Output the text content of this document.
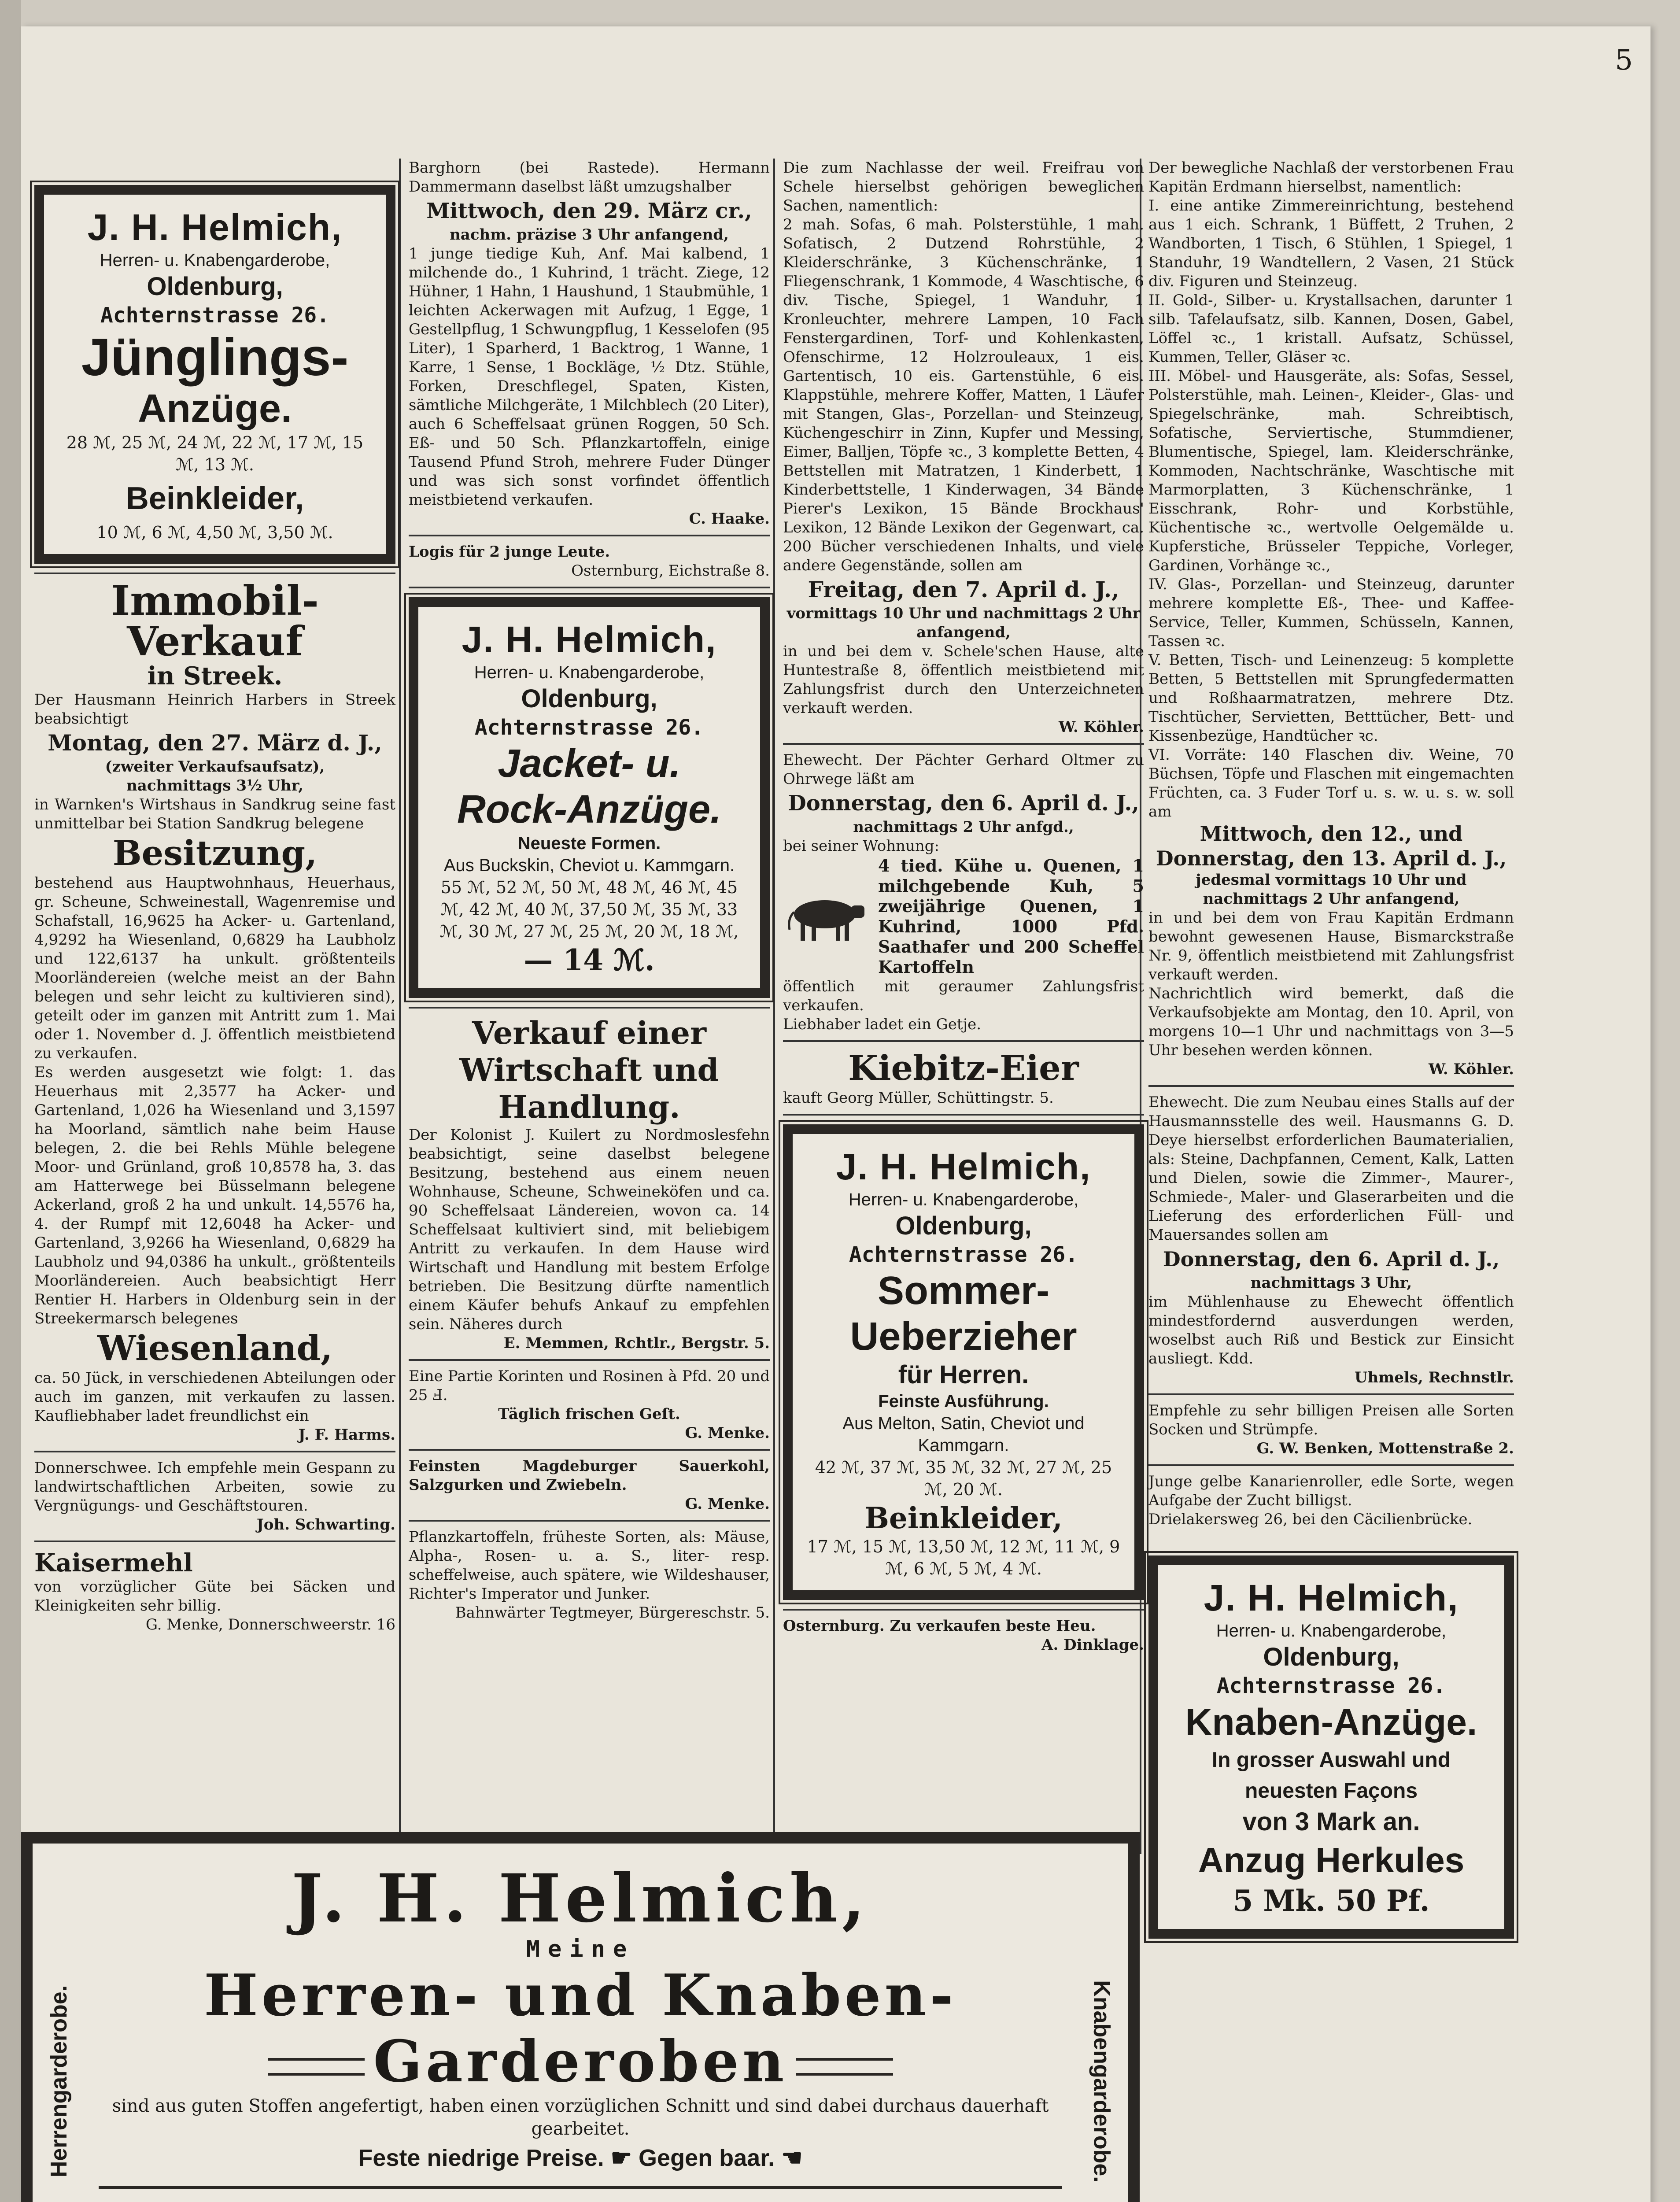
5
J. H. Helmich,
Herren- u. Knabengarderobe,
Oldenburg,
Achternstrasse 26.
Jünglings-
Anzüge.
28 ℳ, 25 ℳ, 24 ℳ, 22 ℳ, 17 ℳ, 15 ℳ, 13 ℳ.
Beinkleider,
10 ℳ, 6 ℳ, 4,50 ℳ, 3,50 ℳ.
Immobil-Verkauf
in Streek.

Der Hausmann Heinrich Harbers in Streek beabsichtigt

Montag, den 27. März d. J.,
(zweiter Verkaufsaufsatz),
nachmittags 3½ Uhr,

in Warnken's Wirtshaus in Sandkrug seine fast unmittelbar bei Station Sandkrug belegene

Besitzung,

bestehend aus Hauptwohnhaus, Heuerhaus, gr. Scheune, Schweinestall, Wagenremise und Schafstall, 16,9625 ha Acker- u. Gartenland, 4,9292 ha Wiesenland, 0,6829 ha Laubholz und 122,6137 ha unkult. größtenteils Moorländereien (welche meist an der Bahn belegen und sehr leicht zu kultivieren sind), geteilt oder im ganzen mit Antritt zum 1. Mai oder 1. November d. J. öffentlich meistbietend zu verkaufen.

Es werden ausgesetzt wie folgt: 1. das Heuerhaus mit 2,3577 ha Acker- und Gartenland, 1,026 ha Wiesenland und 3,1597 ha Moorland, sämtlich nahe beim Hause belegen, 2. die bei Rehls Mühle belegene Moor- und Grünland, groß 10,8578 ha, 3. das am Hatterwege bei Büsselmann belegene Ackerland, groß 2 ha und unkult. 14,5576 ha, 4. der Rumpf mit 12,6048 ha Acker- und Gartenland, 3,9266 ha Wiesenland, 0,6829 ha Laubholz und 94,0386 ha unkult., größtenteils Moorländereien. Auch beabsichtigt Herr Rentier H. Harbers in Oldenburg sein in der Streekermarsch belegenes

Wiesenland,

ca. 50 Jück, in verschiedenen Abteilungen oder auch im ganzen, mit verkaufen zu lassen. Kaufliebhaber ladet freundlichst ein

J. F. Harms.

Donnerschwee. Ich empfehle mein Gespann zu landwirtschaftlichen Arbeiten, sowie zu Vergnügungs- und Geschäftstouren.

Joh. Schwarting.

Kaisermehl

von vorzüglicher Güte bei Säcken und Kleinigkeiten sehr billig.

G. Menke, Donnerschweerstr. 16

Barghorn (bei Rastede). Hermann Dammermann daselbst läßt umzugshalber

Mittwoch, den 29. März cr.,
nachm. präzise 3 Uhr anfangend,

1 junge tiedige Kuh, Anf. Mai kalbend, 1 milchende do., 1 Kuhrind, 1 trächt. Ziege, 12 Hühner, 1 Hahn, 1 Haushund, 1 Staubmühle, 1 leichten Ackerwagen mit Aufzug, 1 Egge, 1 Gestellpflug, 1 Schwungpflug, 1 Kesselofen (95 Liter), 1 Sparherd, 1 Backtrog, 1 Wanne, 1 Karre, 1 Sense, 1 Bockläge, ½ Dtz. Stühle, Forken, Dreschflegel, Spaten, Kisten, sämtliche Milchgeräte, 1 Milchblech (20 Liter), auch 6 Scheffelsaat grünen Roggen, 50 Sch. Eß- und 50 Sch. Pflanzkartoffeln, einige Tausend Pfund Stroh, mehrere Fuder Dünger und was sich sonst vorfindet öffentlich meistbietend verkaufen.

C. Haake.

Logis für 2 junge Leute.

Osternburg, Eichstraße 8.

J. H. Helmich,
Herren- u. Knabengarderobe,
Oldenburg,
Achternstrasse 26.
Jacket- u.
Rock-Anzüge.
Neueste Formen.
Aus Buckskin, Cheviot u. Kammgarn.
55 ℳ, 52 ℳ, 50 ℳ, 48 ℳ, 46 ℳ, 45 ℳ, 42 ℳ, 40 ℳ, 37,50 ℳ, 35 ℳ, 33 ℳ, 30 ℳ, 27 ℳ, 25 ℳ, 20 ℳ, 18 ℳ,
— 14 ℳ.
Verkauf einer Wirtschaft und Handlung.

Der Kolonist J. Kuilert zu Nordmoslesfehn beabsichtigt, seine daselbst belegene Besitzung, bestehend aus einem neuen Wohnhause, Scheune, Schweineköfen und ca. 90 Scheffelsaat Ländereien, wovon ca. 14 Scheffelsaat kultiviert sind, mit beliebigem Antritt zu verkaufen. In dem Hause wird Wirtschaft und Handlung mit bestem Erfolge betrieben. Die Besitzung dürfte namentlich einem Käufer behufs Ankauf zu empfehlen sein. Näheres durch

E. Memmen, Rchtlr., Bergstr. 5.

Eine Partie Korinten und Rosinen à Pfd. 20 und 25 Ⅎ.

Täglich frischen Geſt.

G. Menke.

Feinsten Magdeburger Sauerkohl, Salzgurken und Zwiebeln.

G. Menke.

Pflanzkartoffeln, früheste Sorten, als: Mäuse, Alpha-, Rosen- u. a. S., liter- resp. scheffelweise, auch spätere, wie Wildeshauser, Richter's Imperator und Junker.

Bahnwärter Tegtmeyer, Bürgereschstr. 5.

Die zum Nachlasse der weil. Freifrau von Schele hierselbst gehörigen beweglichen Sachen, namentlich:

2 mah. Sofas, 6 mah. Polsterstühle, 1 mah. Sofatisch, 2 Dutzend Rohrstühle, 2 Kleiderschränke, 3 Küchenschränke, 1 Fliegenschrank, 1 Kommode, 4 Waschtische, 6 div. Tische, Spiegel, 1 Wanduhr, 1 Kronleuchter, mehrere Lampen, 10 Fach Fenstergardinen, Torf- und Kohlenkasten, Ofenschirme, 12 Holzrouleaux, 1 eis. Gartentisch, 10 eis. Gartenstühle, 6 eis. Klappstühle, mehrere Koffer, Matten, 1 Läufer mit Stangen, Glas-, Porzellan- und Steinzeug, Küchengeschirr in Zinn, Kupfer und Messing, Eimer, Balljen, Töpfe ꝛc., 3 komplette Betten, 4 Bettstellen mit Matratzen, 1 Kinderbett, 1 Kinderbettstelle, 1 Kinderwagen, 34 Bände Pierer's Lexikon, 15 Bände Brockhaus' Lexikon, 12 Bände Lexikon der Gegenwart, ca. 200 Bücher verschiedenen Inhalts, und viele andere Gegenstände, sollen am

Freitag, den 7. April d. J.,
vormittags 10 Uhr und nachmittags 2 Uhr anfangend,

in und bei dem v. Schele'schen Hause, alte Huntestraße 8, öffentlich meistbietend mit Zahlungsfrist durch den Unterzeichneten verkauft werden.

W. Köhler.

Ehewecht. Der Pächter Gerhard Oltmer zu Ohrwege läßt am

Donnerstag, den 6. April d. J.,
nachmittags 2 Uhr anfgd.,

bei seiner Wohnung:

4 tied. Kühe u. Quenen, 1 milchgebende Kuh, 5 zweijährige Quenen, 1 Kuhrind, 1000 Pfd. Saathafer und 200 Scheffel Kartoffeln

öffentlich mit geraumer Zahlungsfrist verkaufen.

Liebhaber ladet ein Getje.

Kiebitz-Eier

kauft Georg Müller, Schüttingstr. 5.

J. H. Helmich,
Herren- u. Knabengarderobe,
Oldenburg,
Achternstrasse 26.
Sommer-
Ueberzieher
für Herren.
Feinste Ausführung.
Aus Melton, Satin, Cheviot und Kammgarn.
42 ℳ, 37 ℳ, 35 ℳ, 32 ℳ, 27 ℳ, 25 ℳ, 20 ℳ.
Beinkleider,
17 ℳ, 15 ℳ, 13,50 ℳ, 12 ℳ, 11 ℳ, 9 ℳ, 6 ℳ, 5 ℳ, 4 ℳ.

Osternburg. Zu verkaufen beste Heu.

A. Dinklage.

Der bewegliche Nachlaß der verstorbenen Frau Kapitän Erdmann hierselbst, namentlich:

I. eine antike Zimmereinrichtung, bestehend aus 1 eich. Schrank, 1 Büffett, 2 Truhen, 2 Wandborten, 1 Tisch, 6 Stühlen, 1 Spiegel, 1 Standuhr, 19 Wandtellern, 2 Vasen, 21 Stück div. Figuren und Steinzeug.

II. Gold-, Silber- u. Krystallsachen, darunter 1 silb. Tafelaufsatz, silb. Kannen, Dosen, Gabel, Löffel ꝛc., 1 kristall. Aufsatz, Schüssel, Kummen, Teller, Gläser ꝛc.

III. Möbel- und Hausgeräte, als: Sofas, Sessel, Polsterstühle, mah. Leinen-, Kleider-, Glas- und Spiegelschränke, mah. Schreibtisch, Sofatische, Serviertische, Stummdiener, Blumentische, Spiegel, lam. Kleiderschränke, Kommoden, Nachtschränke, Waschtische mit Marmorplatten, 3 Küchenschränke, 1 Eisschrank, Rohr- und Korbstühle, Küchentische ꝛc., wertvolle Oelgemälde u. Kupferstiche, Brüsseler Teppiche, Vorleger, Gardinen, Vorhänge ꝛc.,

IV. Glas-, Porzellan- und Steinzeug, darunter mehrere komplette Eß-, Thee- und Kaffee-Service, Teller, Kummen, Schüsseln, Kannen, Tassen ꝛc.

V. Betten, Tisch- und Leinenzeug: 5 komplette Betten, 5 Bettstellen mit Sprungfedermatten und Roßhaarmatratzen, mehrere Dtz. Tischtücher, Servietten, Betttücher, Bett- und Kissenbezüge, Handtücher ꝛc.

VI. Vorräte: 140 Flaschen div. Weine, 70 Büchsen, Töpfe und Flaschen mit eingemachten Früchten, ca. 3 Fuder Torf u. s. w. u. s. w. soll am

Mittwoch, den 12., und Donnerstag, den 13. April d. J.,
jedesmal vormittags 10 Uhr und nachmittags 2 Uhr anfangend,

in und bei dem von Frau Kapitän Erdmann bewohnt gewesenen Hause, Bismarckstraße Nr. 9, öffentlich meistbietend mit Zahlungsfrist verkauft werden.

Nachrichtlich wird bemerkt, daß die Verkaufsobjekte am Montag, den 10. April, von morgens 10—1 Uhr und nachmittags von 3—5 Uhr besehen werden können.

W. Köhler.

Ehewecht. Die zum Neubau eines Stalls auf der Hausmannsstelle des weil. Hausmanns G. D. Deye hierselbst erforderlichen Baumaterialien, als: Steine, Dachpfannen, Cement, Kalk, Latten und Dielen, sowie die Zimmer-, Maurer-, Schmiede-, Maler- und Glaserarbeiten und die Lieferung des erforderlichen Füll- und Mauersandes sollen am

Donnerstag, den 6. April d. J.,
nachmittags 3 Uhr,

im Mühlenhause zu Ehewecht öffentlich mindestfordernd ausverdungen werden, woselbst auch Riß und Bestick zur Einsicht ausliegt. Kdd.

Uhmels, Rechnstlr.

Empfehle zu sehr billigen Preisen alle Sorten Socken und Strümpfe.

G. W. Benken, Mottenstraße 2.

Junge gelbe Kanarienroller, edle Sorte, wegen Aufgabe der Zucht billigst.

Drielakersweg 26, bei den Cäcilienbrücke.

J. H. Helmich,
Herren- u. Knabengarderobe,
Oldenburg,
Achternstrasse 26.
Knaben-Anzüge.
In grosser Auswahl und
neuesten Façons
von 3 Mark an.
Anzug Herkules
5 Mk. 50 Pf.
Herrengarderobe.	Knabengarderobe.
J. H. Helmich,
Meine
Herren- und Knaben-
Garderoben
sind aus guten Stoffen angefertigt, haben einen vorzüglichen Schnitt und sind dabei durchaus dauerhaft gearbeitet.
Feste niedrige Preise. ☛ Gegen baar. ☚
